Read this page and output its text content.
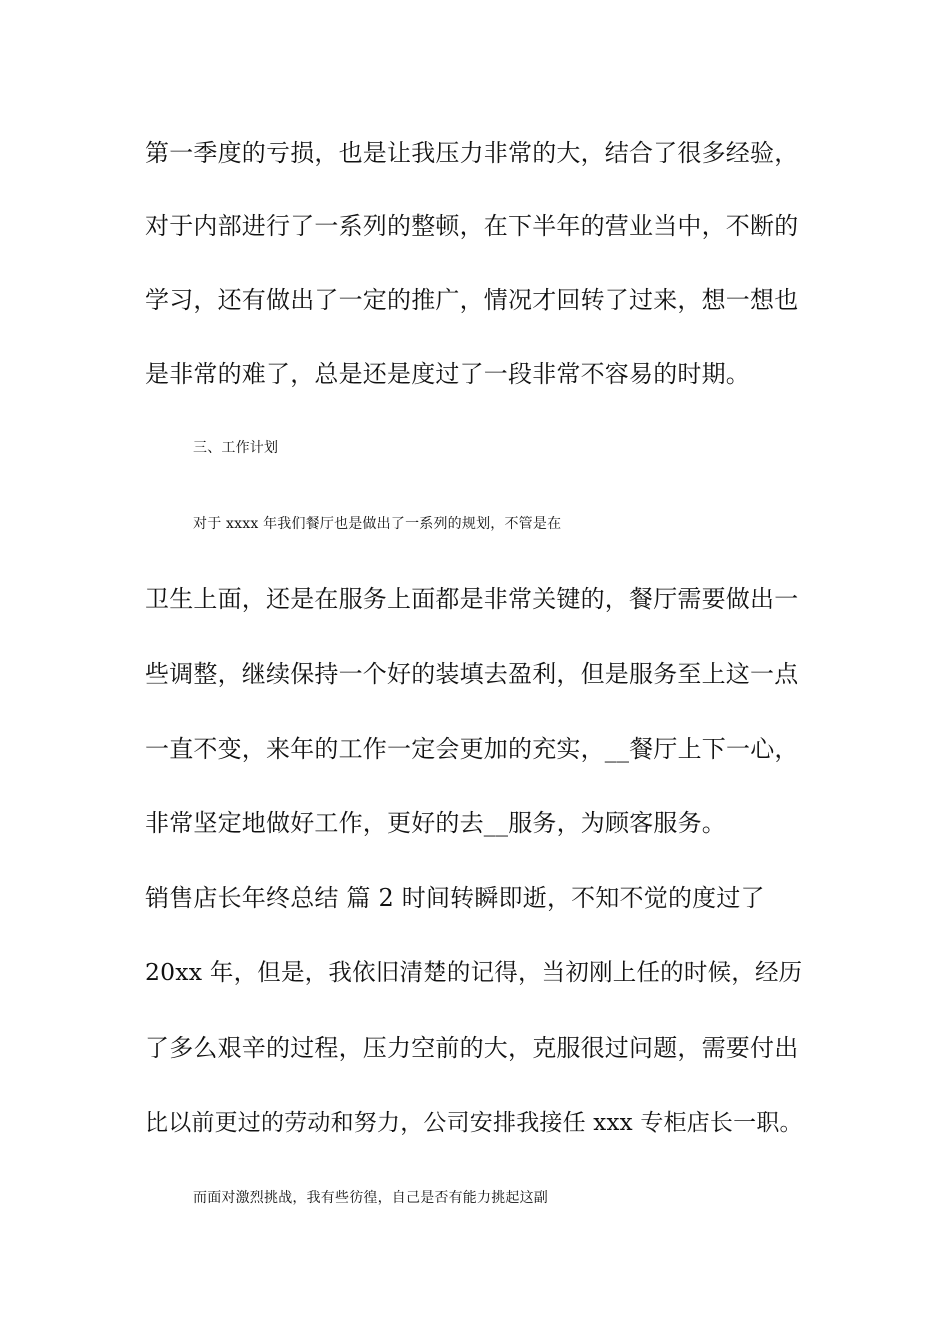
第一季度的亏损，也是让我压力非常的大，结合了很多经验，
对于内部进行了一系列的整顿，在下半年的营业当中，不断的
学习，还有做出了一定的推广，情况才回转了过来，想一想也
是非常的难了，总是还是度过了一段非常不容易的时期。
三、工作计划
对于 xxxx 年我们餐厅也是做出了一系列的规划，不管是在
卫生上面，还是在服务上面都是非常关键的，餐厅需要做出一
些调整，继续保持一个好的装填去盈利，但是服务至上这一点
一直不变，来年的工作一定会更加的充实，__餐厅上下一心，
非常坚定地做好工作，更好的去__服务，为顾客服务。
销售店长年终总结 篇 2 时间转瞬即逝，不知不觉的度过了
20xx 年，但是，我依旧清楚的记得，当初刚上任的时候，经历
了多么艰辛的过程，压力空前的大，克服很过问题，需要付出
比以前更过的劳动和努力，公司安排我接任 xxx 专柜店长一职。
而面对激烈挑战，我有些彷徨，自己是否有能力挑起这副
